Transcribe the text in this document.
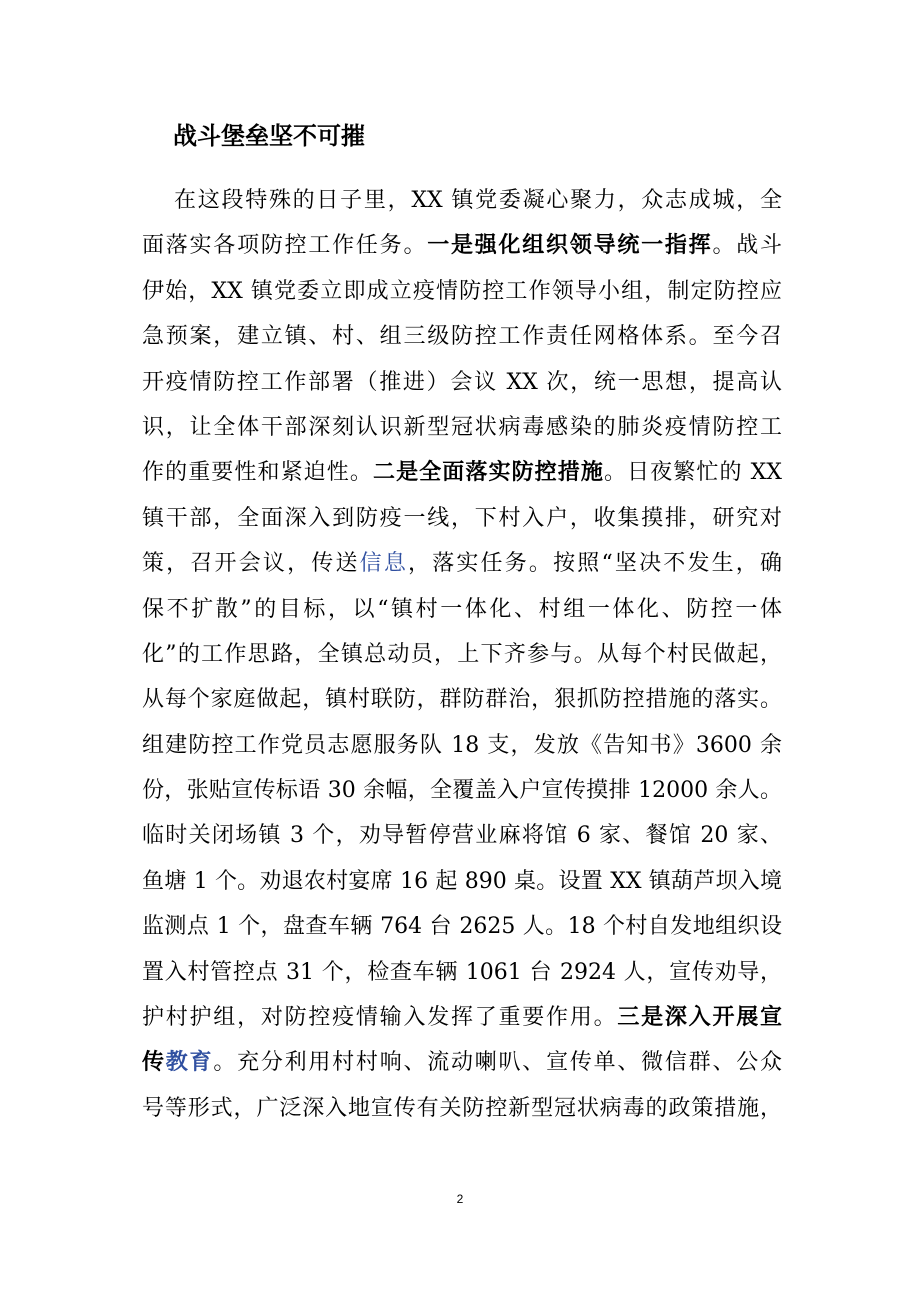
战斗堡垒坚不可摧
在这段特殊的日子里，XX 镇党委凝心聚力，众志成城，全
面落实各项防控工作任务。一是强化组织领导统一指挥。战斗
伊始，XX 镇党委立即成立疫情防控工作领导小组，制定防控应
急预案，建立镇、村、组三级防控工作责任网格体系。至今召
开疫情防控工作部署（推进）会议 XX 次，统一思想，提高认
识，让全体干部深刻认识新型冠状病毒感染的肺炎疫情防控工
作的重要性和紧迫性。二是全面落实防控措施。日夜繁忙的 XX
镇干部，全面深入到防疫一线，下村入户，收集摸排，研究对
策，召开会议，传送信息，落实任务。按照“坚决不发生，确
保不扩散”的目标，以“镇村一体化、村组一体化、防控一体
化”的工作思路，全镇总动员，上下齐参与。从每个村民做起，
从每个家庭做起，镇村联防，群防群治，狠抓防控措施的落实。
组建防控工作党员志愿服务队 18 支，发放《告知书》3600 余
份，张贴宣传标语 30 余幅，全覆盖入户宣传摸排 12000 余人。
临时关闭场镇 3 个，劝导暂停营业麻将馆 6 家、餐馆 20 家、
鱼塘 1 个。劝退农村宴席 16 起 890 桌。设置 XX 镇葫芦坝入境
监测点 1 个，盘查车辆 764 台 2625 人。18 个村自发地组织设
置入村管控点 31 个，检查车辆 1061 台 2924 人，宣传劝导，
护村护组，对防控疫情输入发挥了重要作用。三是深入开展宣
传教育。充分利用村村响、流动喇叭、宣传单、微信群、公众
号等形式，广泛深入地宣传有关防控新型冠状病毒的政策措施，
2
